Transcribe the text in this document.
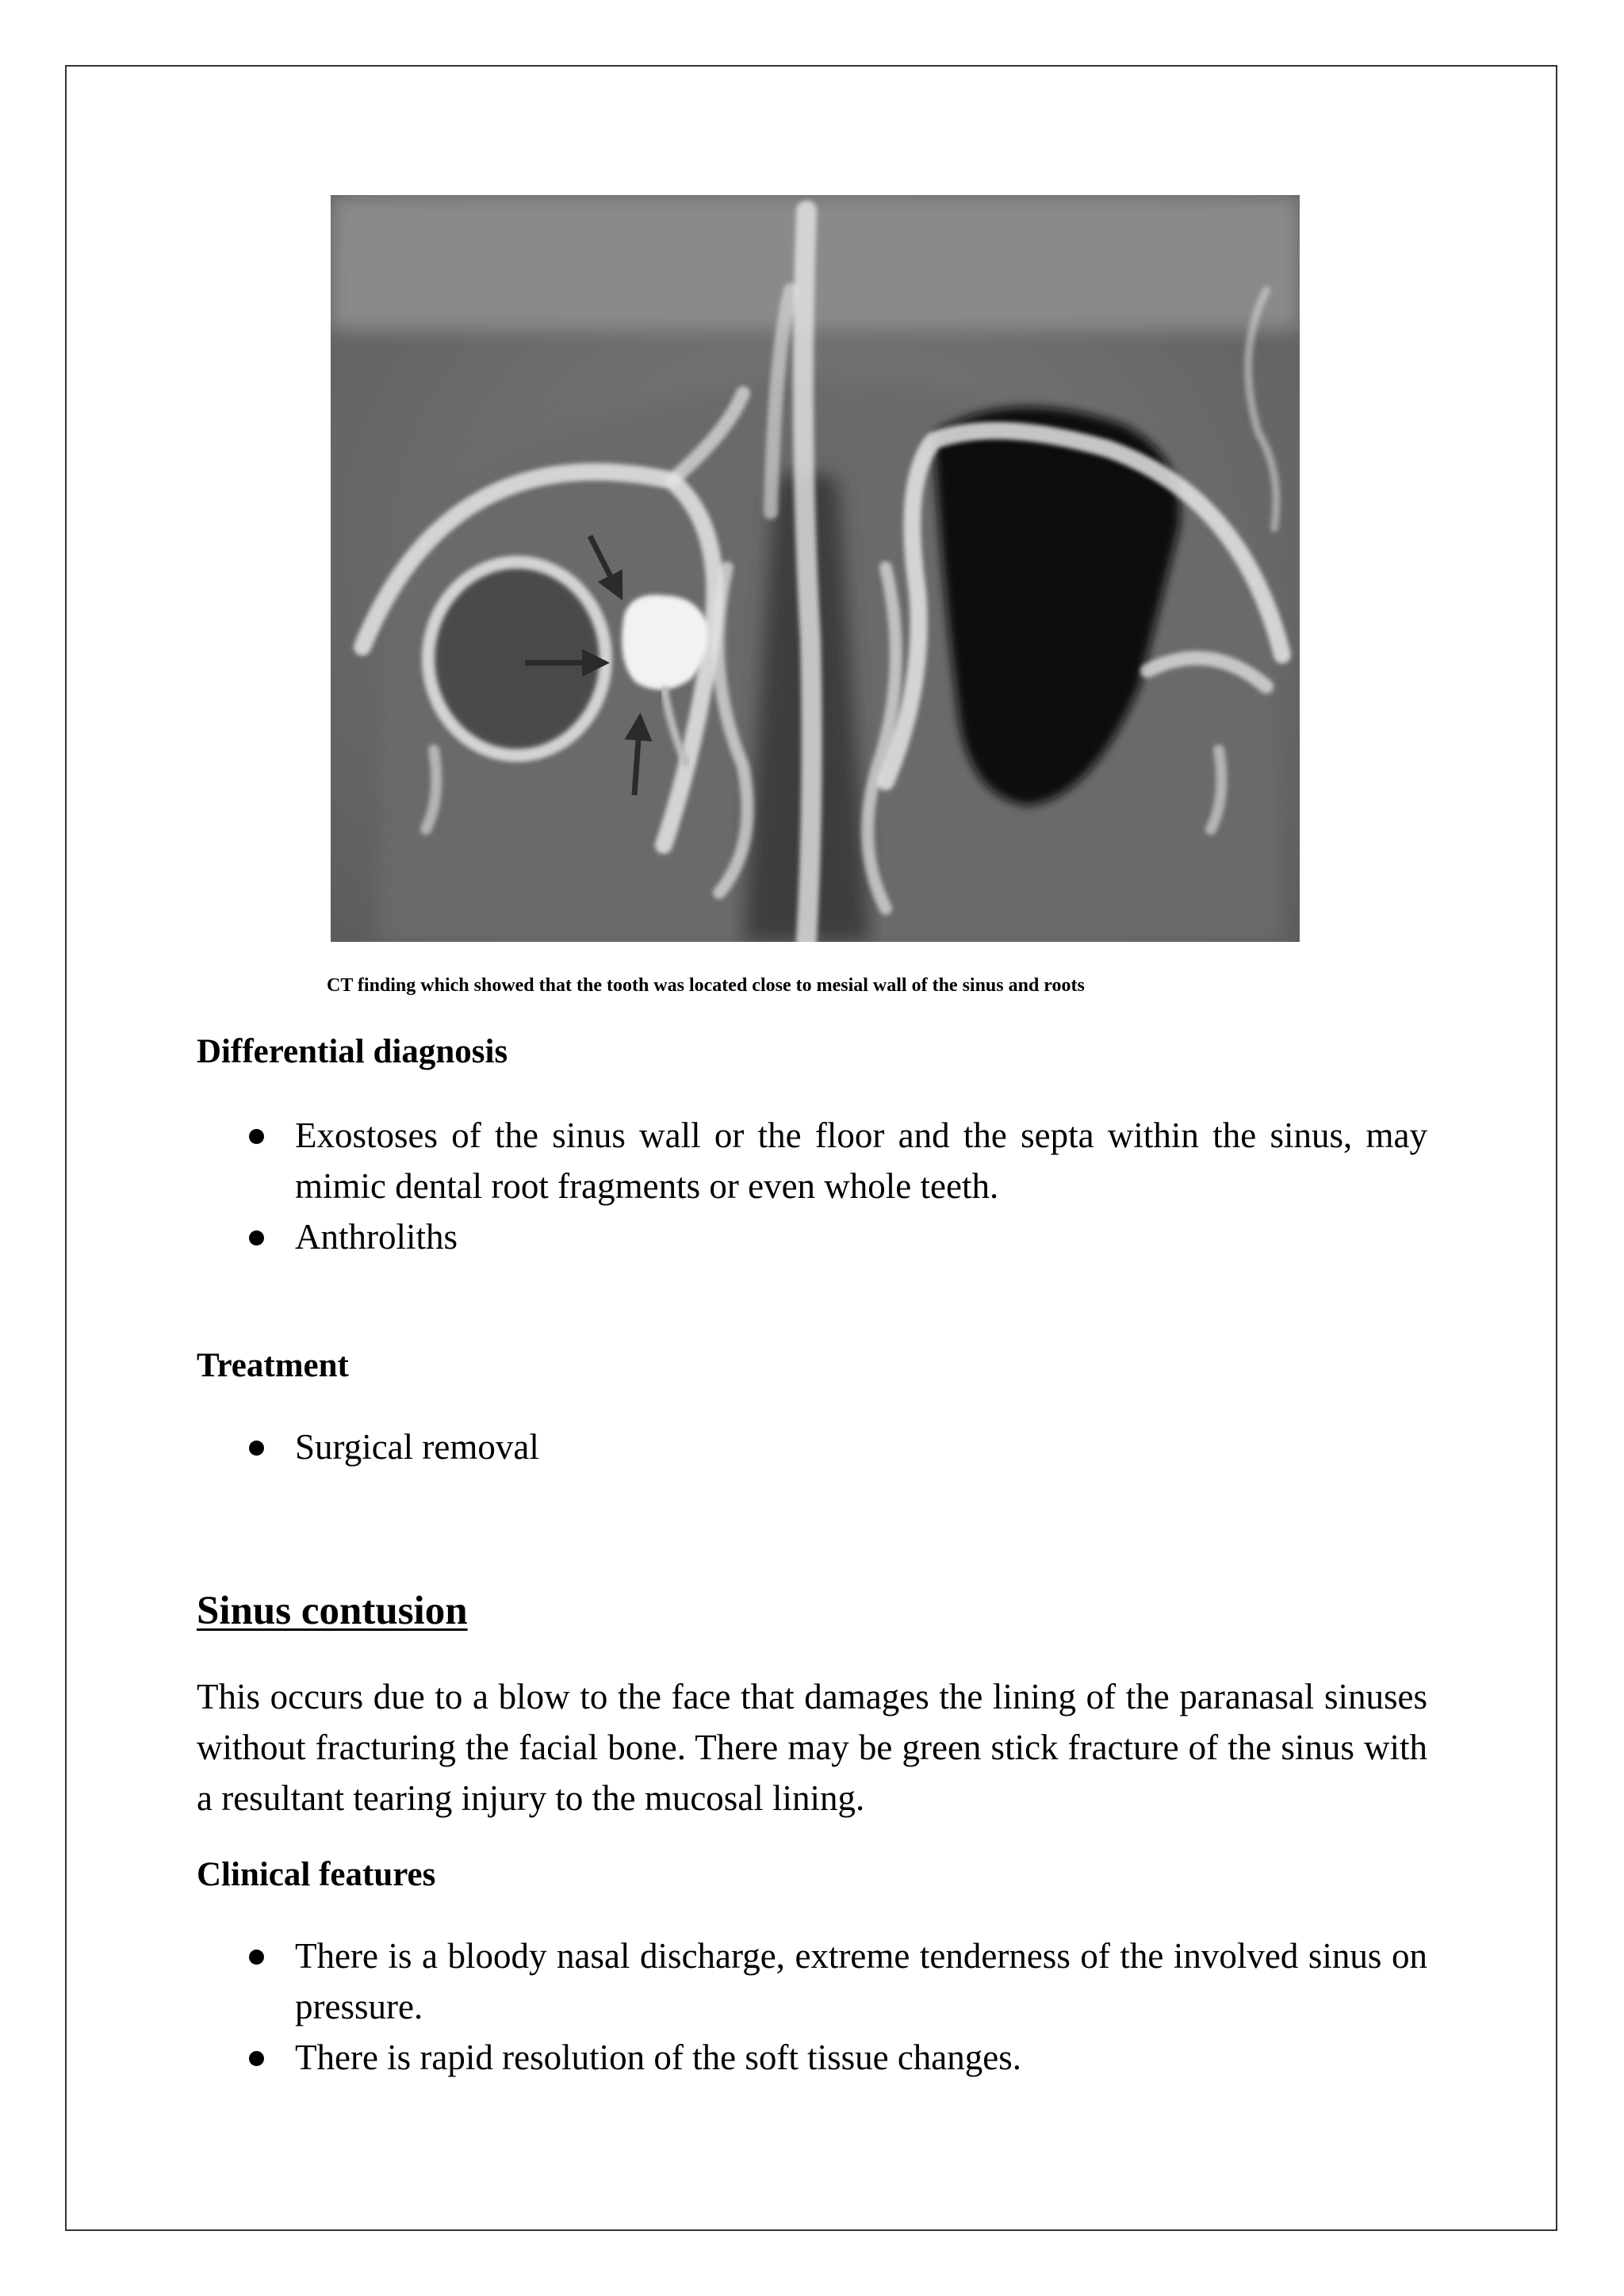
CT finding which showed that the tooth was located close to mesial wall of the sinus and roots
Differential diagnosis
Exostoses of the sinus wall or the floor and the septa within the sinus, may mimic dental root fragments or even whole teeth.
Anthroliths
Treatment
Surgical removal
Sinus contusion

This occurs due to a blow to the face that damages the lining of the paranasal sinuses without fracturing the facial bone. There may be green stick fracture of the sinus with a resultant tearing injury to the mucosal lining.

Clinical features
There is a bloody nasal discharge, extreme tenderness of the involved sinus on pressure.
There is rapid resolution of the soft tissue changes.
